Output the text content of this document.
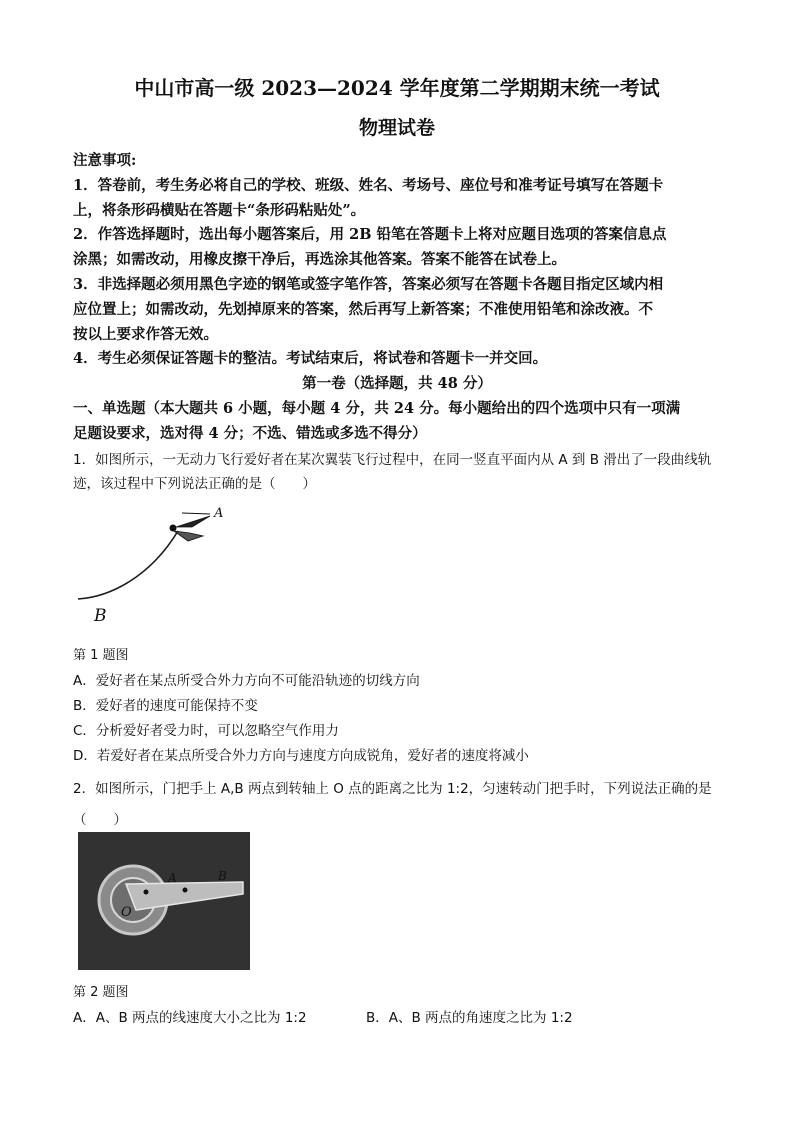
中山市高一级 2023—2024 学年度第二学期期末统一考试
物理试卷
注意事项:
1．答卷前，考生务必将自己的学校、班级、姓名、考场号、座位号和准考证号填写在答题卡
上，将条形码横贴在答题卡“条形码粘贴处”。
2．作答选择题时，选出每小题答案后，用 2B 铅笔在答题卡上将对应题目选项的答案信息点
涂黑；如需改动，用橡皮擦干净后，再选涂其他答案。答案不能答在试卷上。
3．非选择题必须用黑色字迹的钢笔或签字笔作答，答案必须写在答题卡各题目指定区域内相
应位置上；如需改动，先划掉原来的答案，然后再写上新答案；不准使用铅笔和涂改液。不
按以上要求作答无效。
4．考生必须保证答题卡的整洁。考试结束后，将试卷和答题卡一并交回。
第一卷（选择题，共 48 分）
一、单选题（本大题共 6 小题，每小题 4 分，共 24 分。每小题给出的四个选项中只有一项满
足题设要求，选对得 4 分；不选、错选或多选不得分）
1．如图所示，一无动力飞行爱好者在某次翼装飞行过程中，在同一竖直平面内从 A 到 B 滑出了一段曲线轨
迹，该过程中下列说法正确的是（　　）
A
B
第 1 题图
A．爱好者在某点所受合外力方向不可能沿轨迹的切线方向
B．爱好者的速度可能保持不变
C．分析爱好者受力时，可以忽略空气作用力
D．若爱好者在某点所受合外力方向与速度方向成锐角，爱好者的速度将减小
2．如图所示，门把手上 A,B 两点到转轴上 O 点的距离之比为 1:2，匀速转动门把手时，下列说法正确的是
（　　）
O
A	B
第 2 题图
A．A、B 两点的线速度大小之比为 1:2	B．A、B 两点的角速度之比为 1:2
